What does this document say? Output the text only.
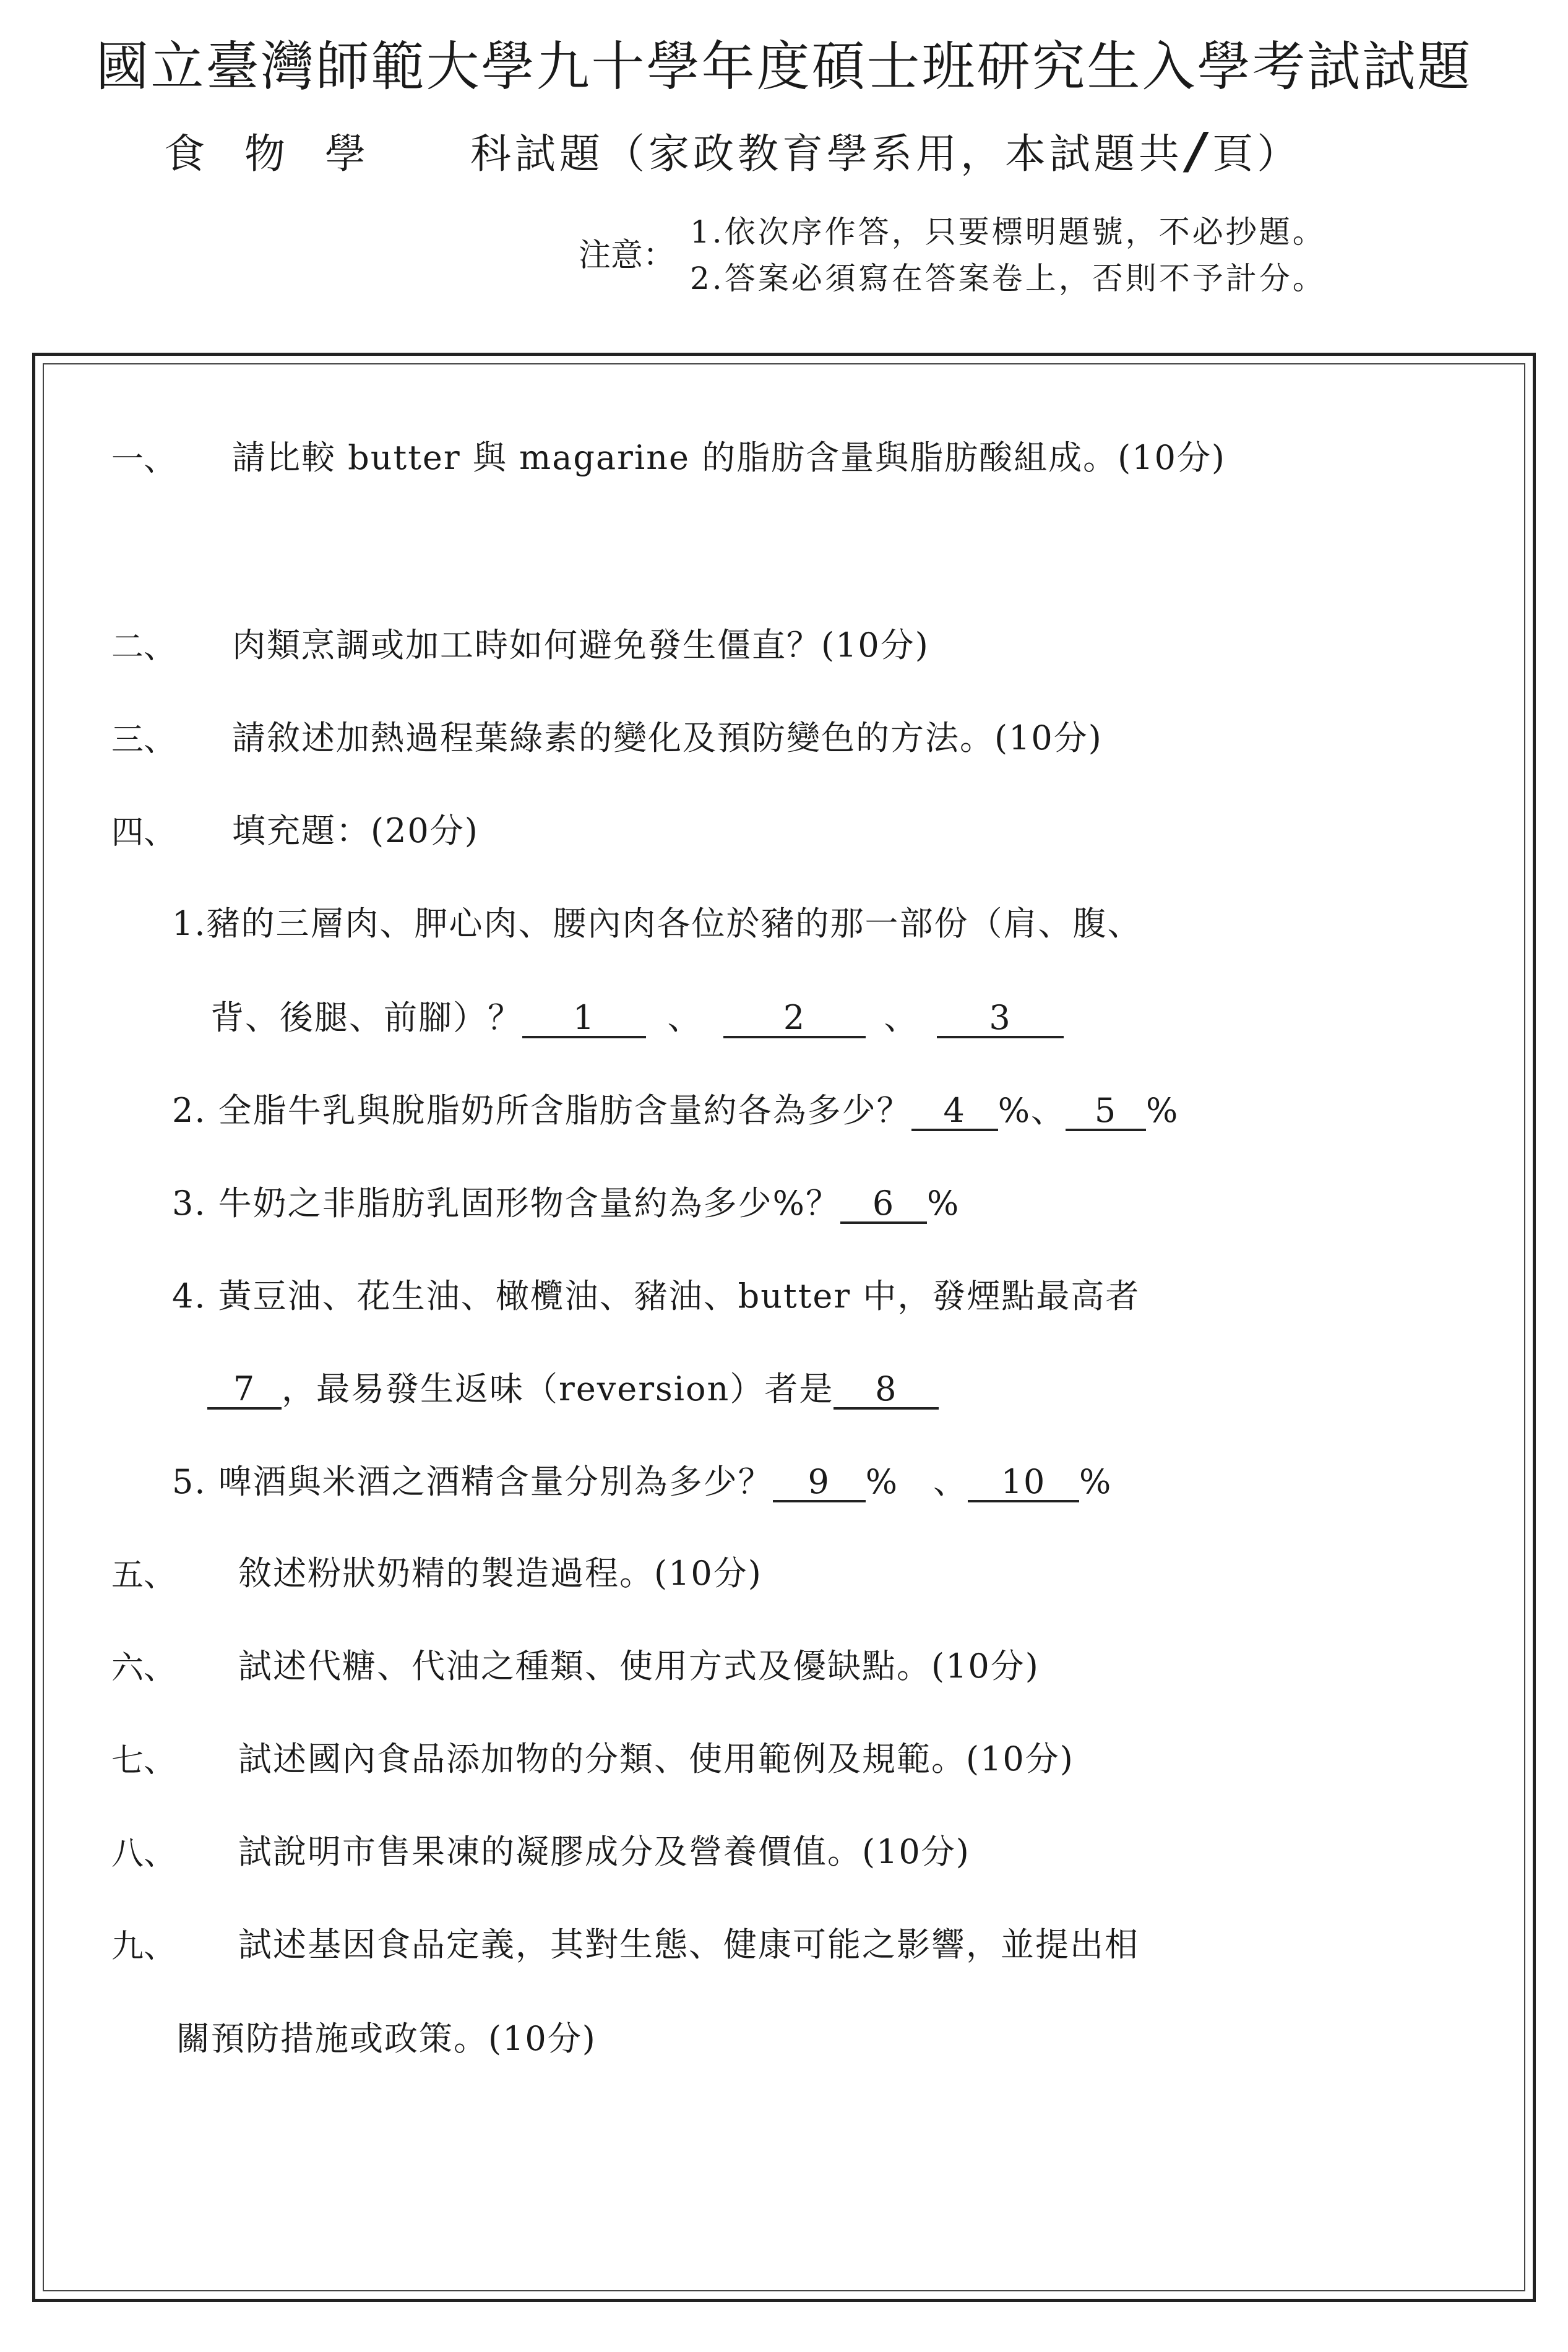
國立臺灣師範大學九十學年度碩士班研究生入學考試試題
食物學 科試題（家政教育學系用，本試題共/頁）
注意：
1.依次序作答，只要標明題號，不必抄題。
2.答案必須寫在答案卷上，否則不予計分。
一、 請比較 butter 與 magarine 的脂肪含量與脂肪酸組成。(10分)
二、 肉類烹調或加工時如何避免發生僵直？(10分)
三、 請敘述加熱過程葉綠素的變化及預防變色的方法。(10分)
四、 填充題：(20分)
1.豬的三層肉、胛心肉、腰內肉各位於豬的那一部份（肩、腹、
背、後腿、前腳）？ 1 、 2 、 3
2. 全脂牛乳與脫脂奶所含脂肪含量約各為多少？ 4 %、 5 %
3. 牛奶之非脂肪乳固形物含量約為多少%？ 6 %
4. 黃豆油、花生油、橄欖油、豬油、butter 中，發煙點最高者
7 ，最易發生返味（reversion）者是 8
5. 啤酒與米酒之酒精含量分別為多少？ 9 %　、 10 %
五、 敘述粉狀奶精的製造過程。(10分)
六、 試述代糖、代油之種類、使用方式及優缺點。(10分)
七、 試述國內食品添加物的分類、使用範例及規範。(10分)
八、 試說明市售果凍的凝膠成分及營養價值。(10分)
九、 試述基因食品定義，其對生態、健康可能之影響，並提出相
關預防措施或政策。(10分)
